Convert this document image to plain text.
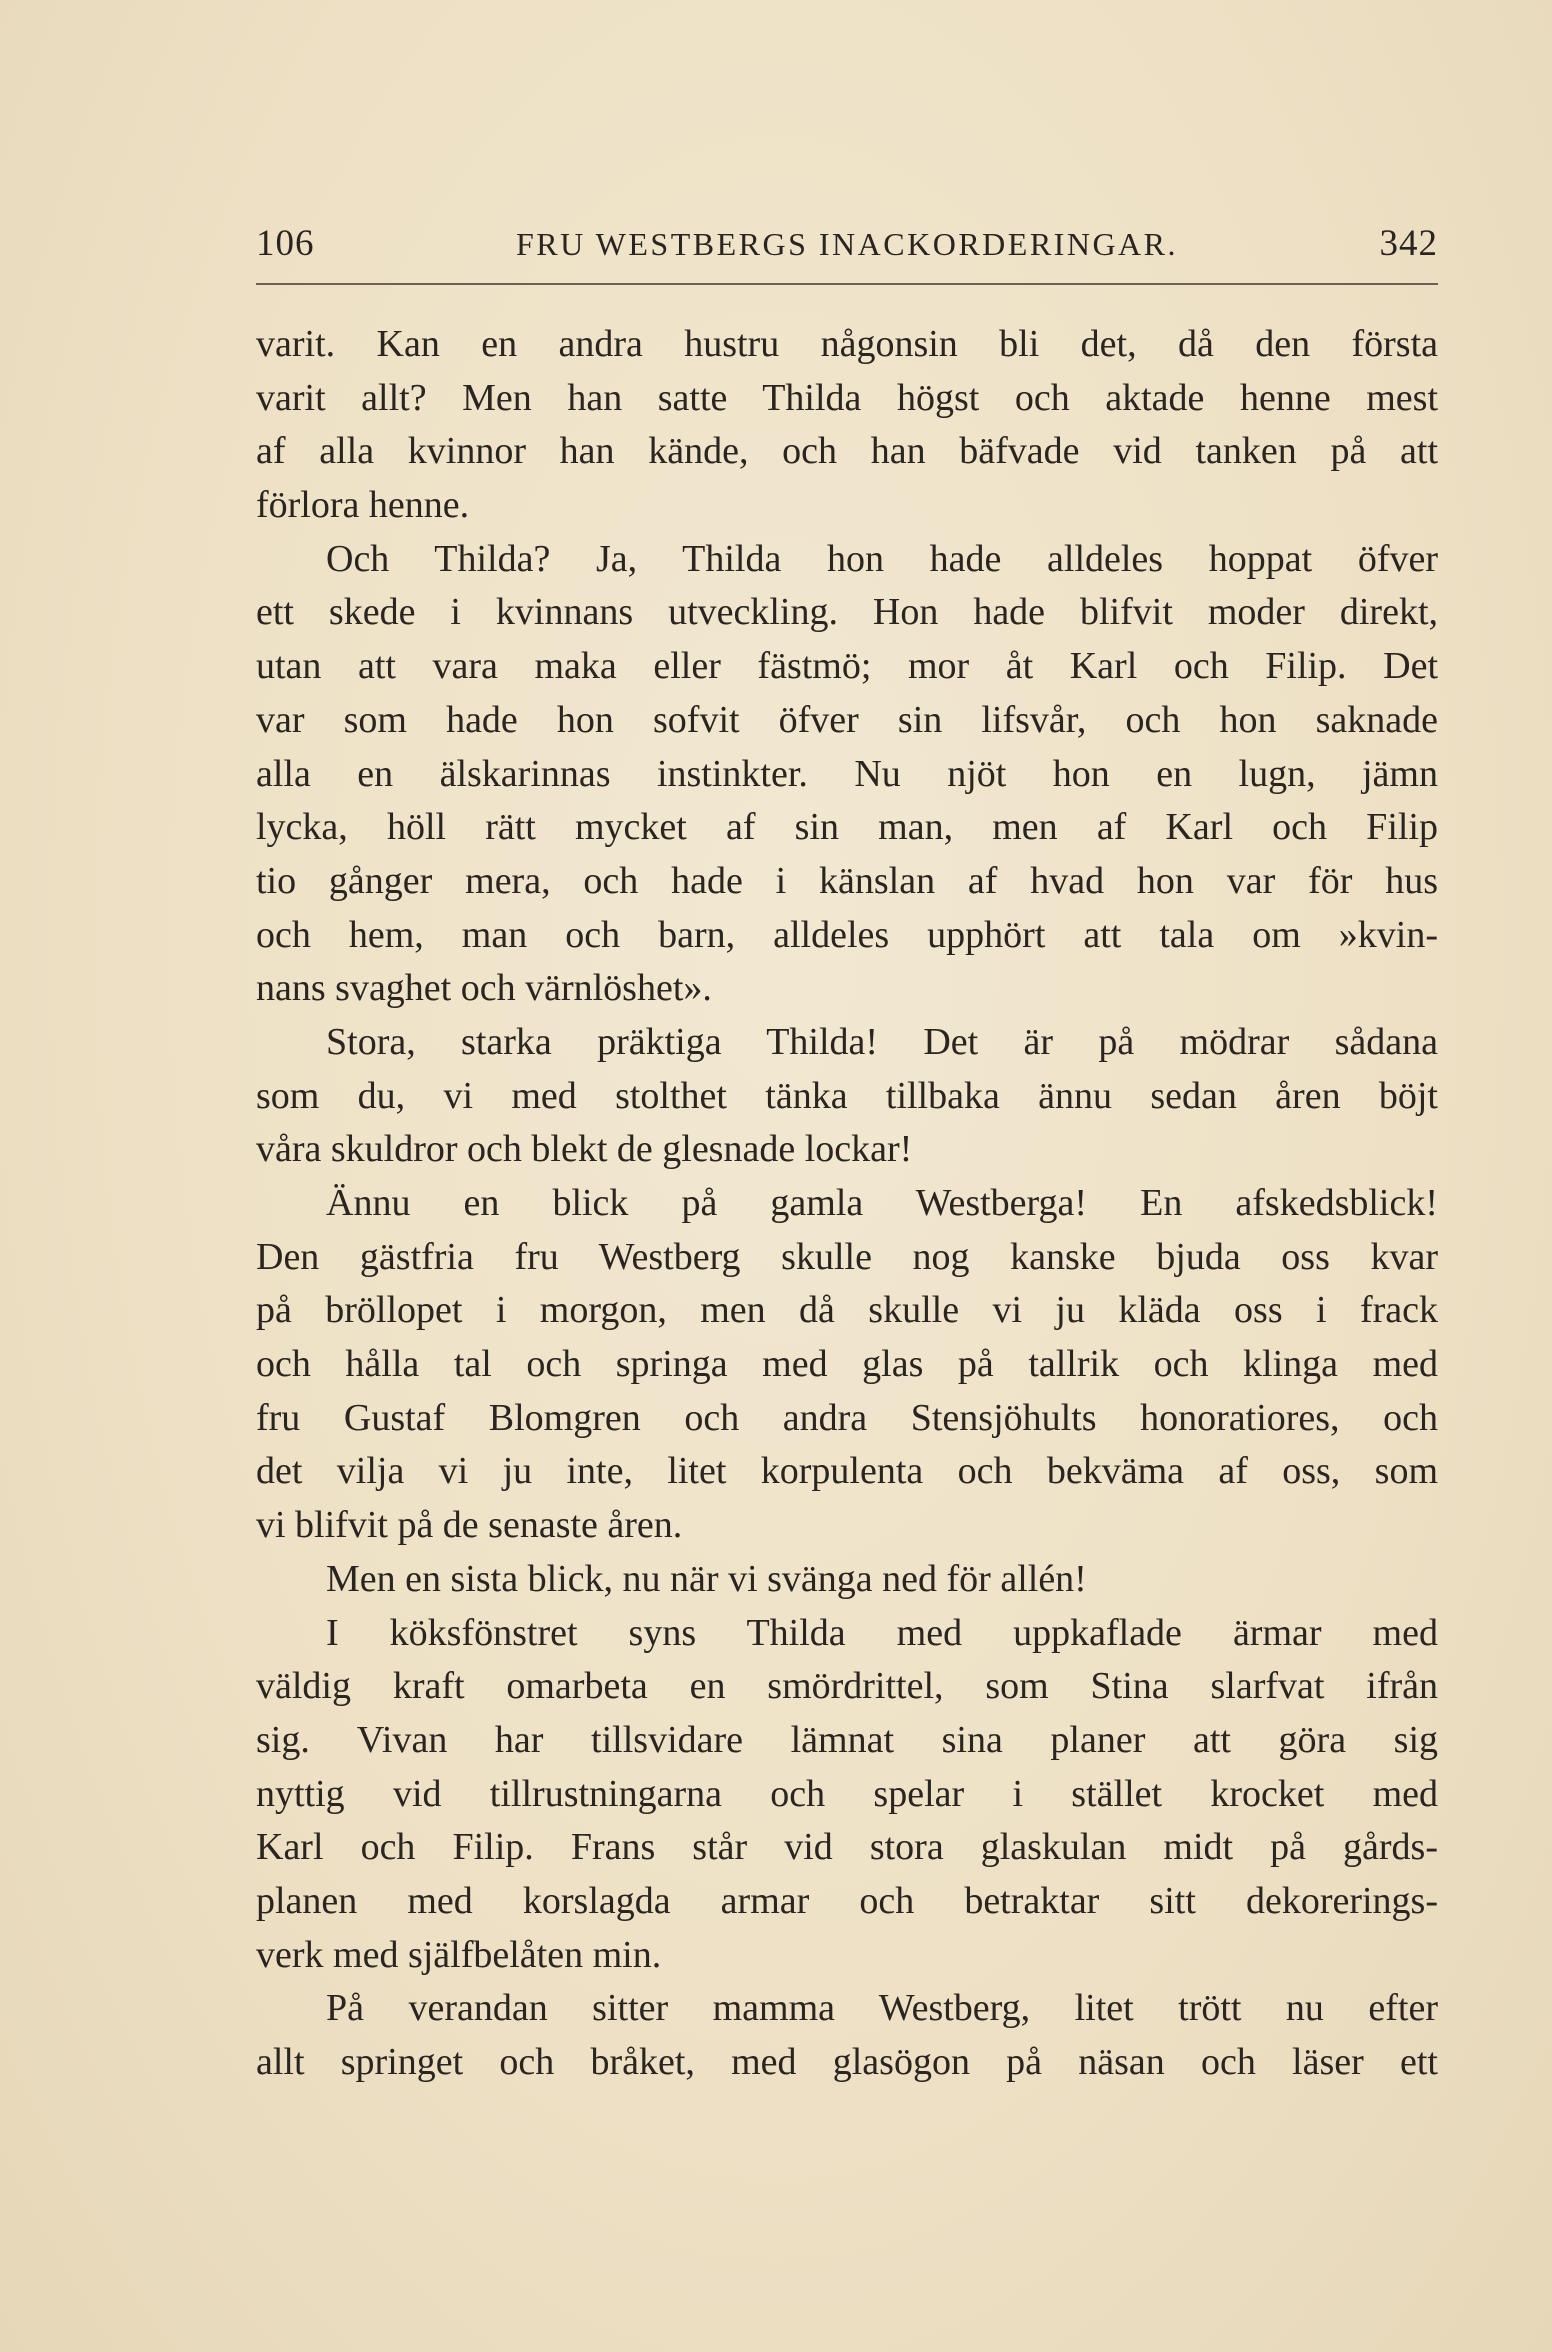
106	FRU WESTBERGS INACKORDERINGAR.	342
varit. Kan en andra hustru någonsin bli det, då den första
varit allt? Men han satte Thilda högst och aktade henne mest
af alla kvinnor han kände, och han bäfvade vid tanken på att
förlora henne.
Och Thilda? Ja, Thilda hon hade alldeles hoppat öfver
ett skede i kvinnans utveckling. Hon hade blifvit moder direkt,
utan att vara maka eller fästmö; mor åt Karl och Filip. Det
var som hade hon sofvit öfver sin lifsvår, och hon saknade
alla en älskarinnas instinkter. Nu njöt hon en lugn, jämn
lycka, höll rätt mycket af sin man, men af Karl och Filip
tio gånger mera, och hade i känslan af hvad hon var för hus
och hem, man och barn, alldeles upphört att tala om »kvin-
nans svaghet och värnlöshet».
Stora, starka präktiga Thilda! Det är på mödrar sådana
som du, vi med stolthet tänka tillbaka ännu sedan åren böjt
våra skuldror och blekt de glesnade lockar!
Ännu en blick på gamla Westberga! En afskedsblick!
Den gästfria fru Westberg skulle nog kanske bjuda oss kvar
på bröllopet i morgon, men då skulle vi ju kläda oss i frack
och hålla tal och springa med glas på tallrik och klinga med
fru Gustaf Blomgren och andra Stensjöhults honoratiores, och
det vilja vi ju inte, litet korpulenta och bekväma af oss, som
vi blifvit på de senaste åren.
Men en sista blick, nu när vi svänga ned för allén!
I köksfönstret syns Thilda med uppkaflade ärmar med
väldig kraft omarbeta en smördrittel, som Stina slarfvat ifrån
sig. Vivan har tillsvidare lämnat sina planer att göra sig
nyttig vid tillrustningarna och spelar i stället krocket med
Karl och Filip. Frans står vid stora glaskulan midt på gårds-
planen med korslagda armar och betraktar sitt dekorerings-
verk med själfbelåten min.
På verandan sitter mamma Westberg, litet trött nu efter
allt springet och bråket, med glasögon på näsan och läser ett
